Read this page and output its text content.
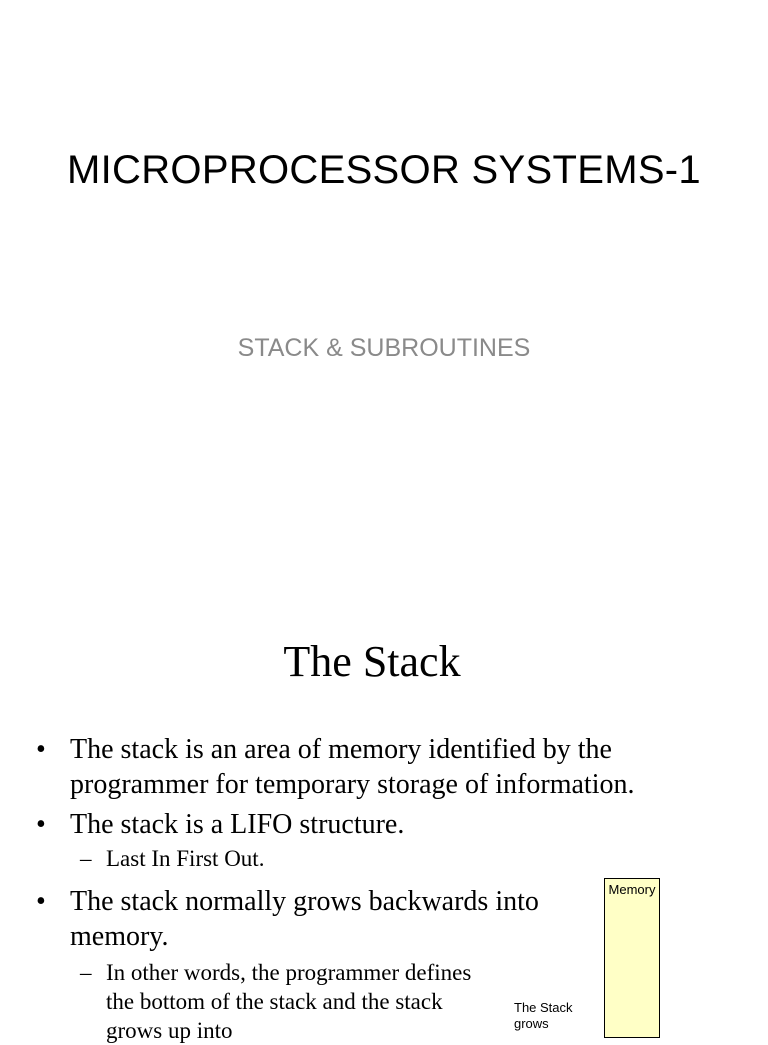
MICROPROCESSOR SYSTEMS-1
STACK & SUBROUTINES
The Stack
• The stack is an area of memory identified by the programmer for temporary storage of information.
• The stack is a LIFO structure.
– Last In First Out.
• The stack normally grows backwards into memory.
– In other words, the programmer defines the bottom of the stack and the stack grows up into
Memory
The Stack grows
